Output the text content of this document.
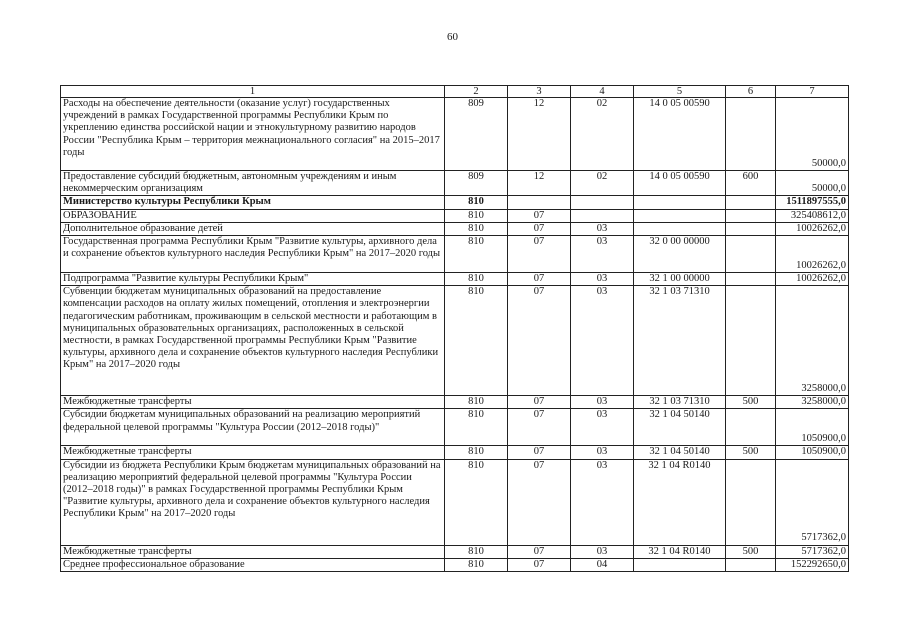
60
1	2	3	4	5	6	7
Расходы на обеспечение деятельности (оказание услуг) государственных учреждений в рамках Государственной программы Республики Крым по укреплению единства российской нации и этнокультурному развитию народов России "Республика Крым – территория межнационального согласия" на 2015–2017 годы	809	12	02	14 0 05 00590		50000,0
Предоставление субсидий бюджетным, автономным учреждениям и иным некоммерческим организациям	809	12	02	14 0 05 00590	600	50000,0
Министерство культуры Республики Крым	810					1511897555,0
ОБРАЗОВАНИЕ	810	07				325408612,0
Дополнительное образование детей	810	07	03			10026262,0
Государственная программа Республики Крым "Развитие культуры, архивного дела и сохранение объектов культурного наследия Республики Крым" на 2017–2020 годы	810	07	03	32 0 00 00000		10026262,0
Подпрограмма "Развитие культуры Республики Крым"	810	07	03	32 1 00 00000		10026262,0
Субвенции бюджетам муниципальных образований на предоставление компенсации расходов на оплату жилых помещений, отопления и электроэнергии педагогическим работникам, проживающим в сельской местности и работающим в муниципальных образовательных организациях, расположенных в сельской местности, в рамках Государственной программы Республики Крым "Развитие культуры, архивного дела и сохранение объектов культурного наследия Республики Крым" на 2017–2020 годы	810	07	03	32 1 03 71310		3258000,0
Межбюджетные трансферты	810	07	03	32 1 03 71310	500	3258000,0
Субсидии бюджетам муниципальных образований на реализацию мероприятий федеральной целевой программы "Культура России (2012–2018 годы)"	810	07	03	32 1 04 50140		1050900,0
Межбюджетные трансферты	810	07	03	32 1 04 50140	500	1050900,0
Субсидии из бюджета Республики Крым бюджетам муниципальных образований на реализацию мероприятий федеральной целевой программы "Культура России (2012–2018 годы)" в рамках Государственной программы Республики Крым "Развитие культуры, архивного дела и сохранение объектов культурного наследия Республики Крым" на 2017–2020 годы	810	07	03	32 1 04 R0140		5717362,0
Межбюджетные трансферты	810	07	03	32 1 04 R0140	500	5717362,0
Среднее профессиональное образование	810	07	04			152292650,0
